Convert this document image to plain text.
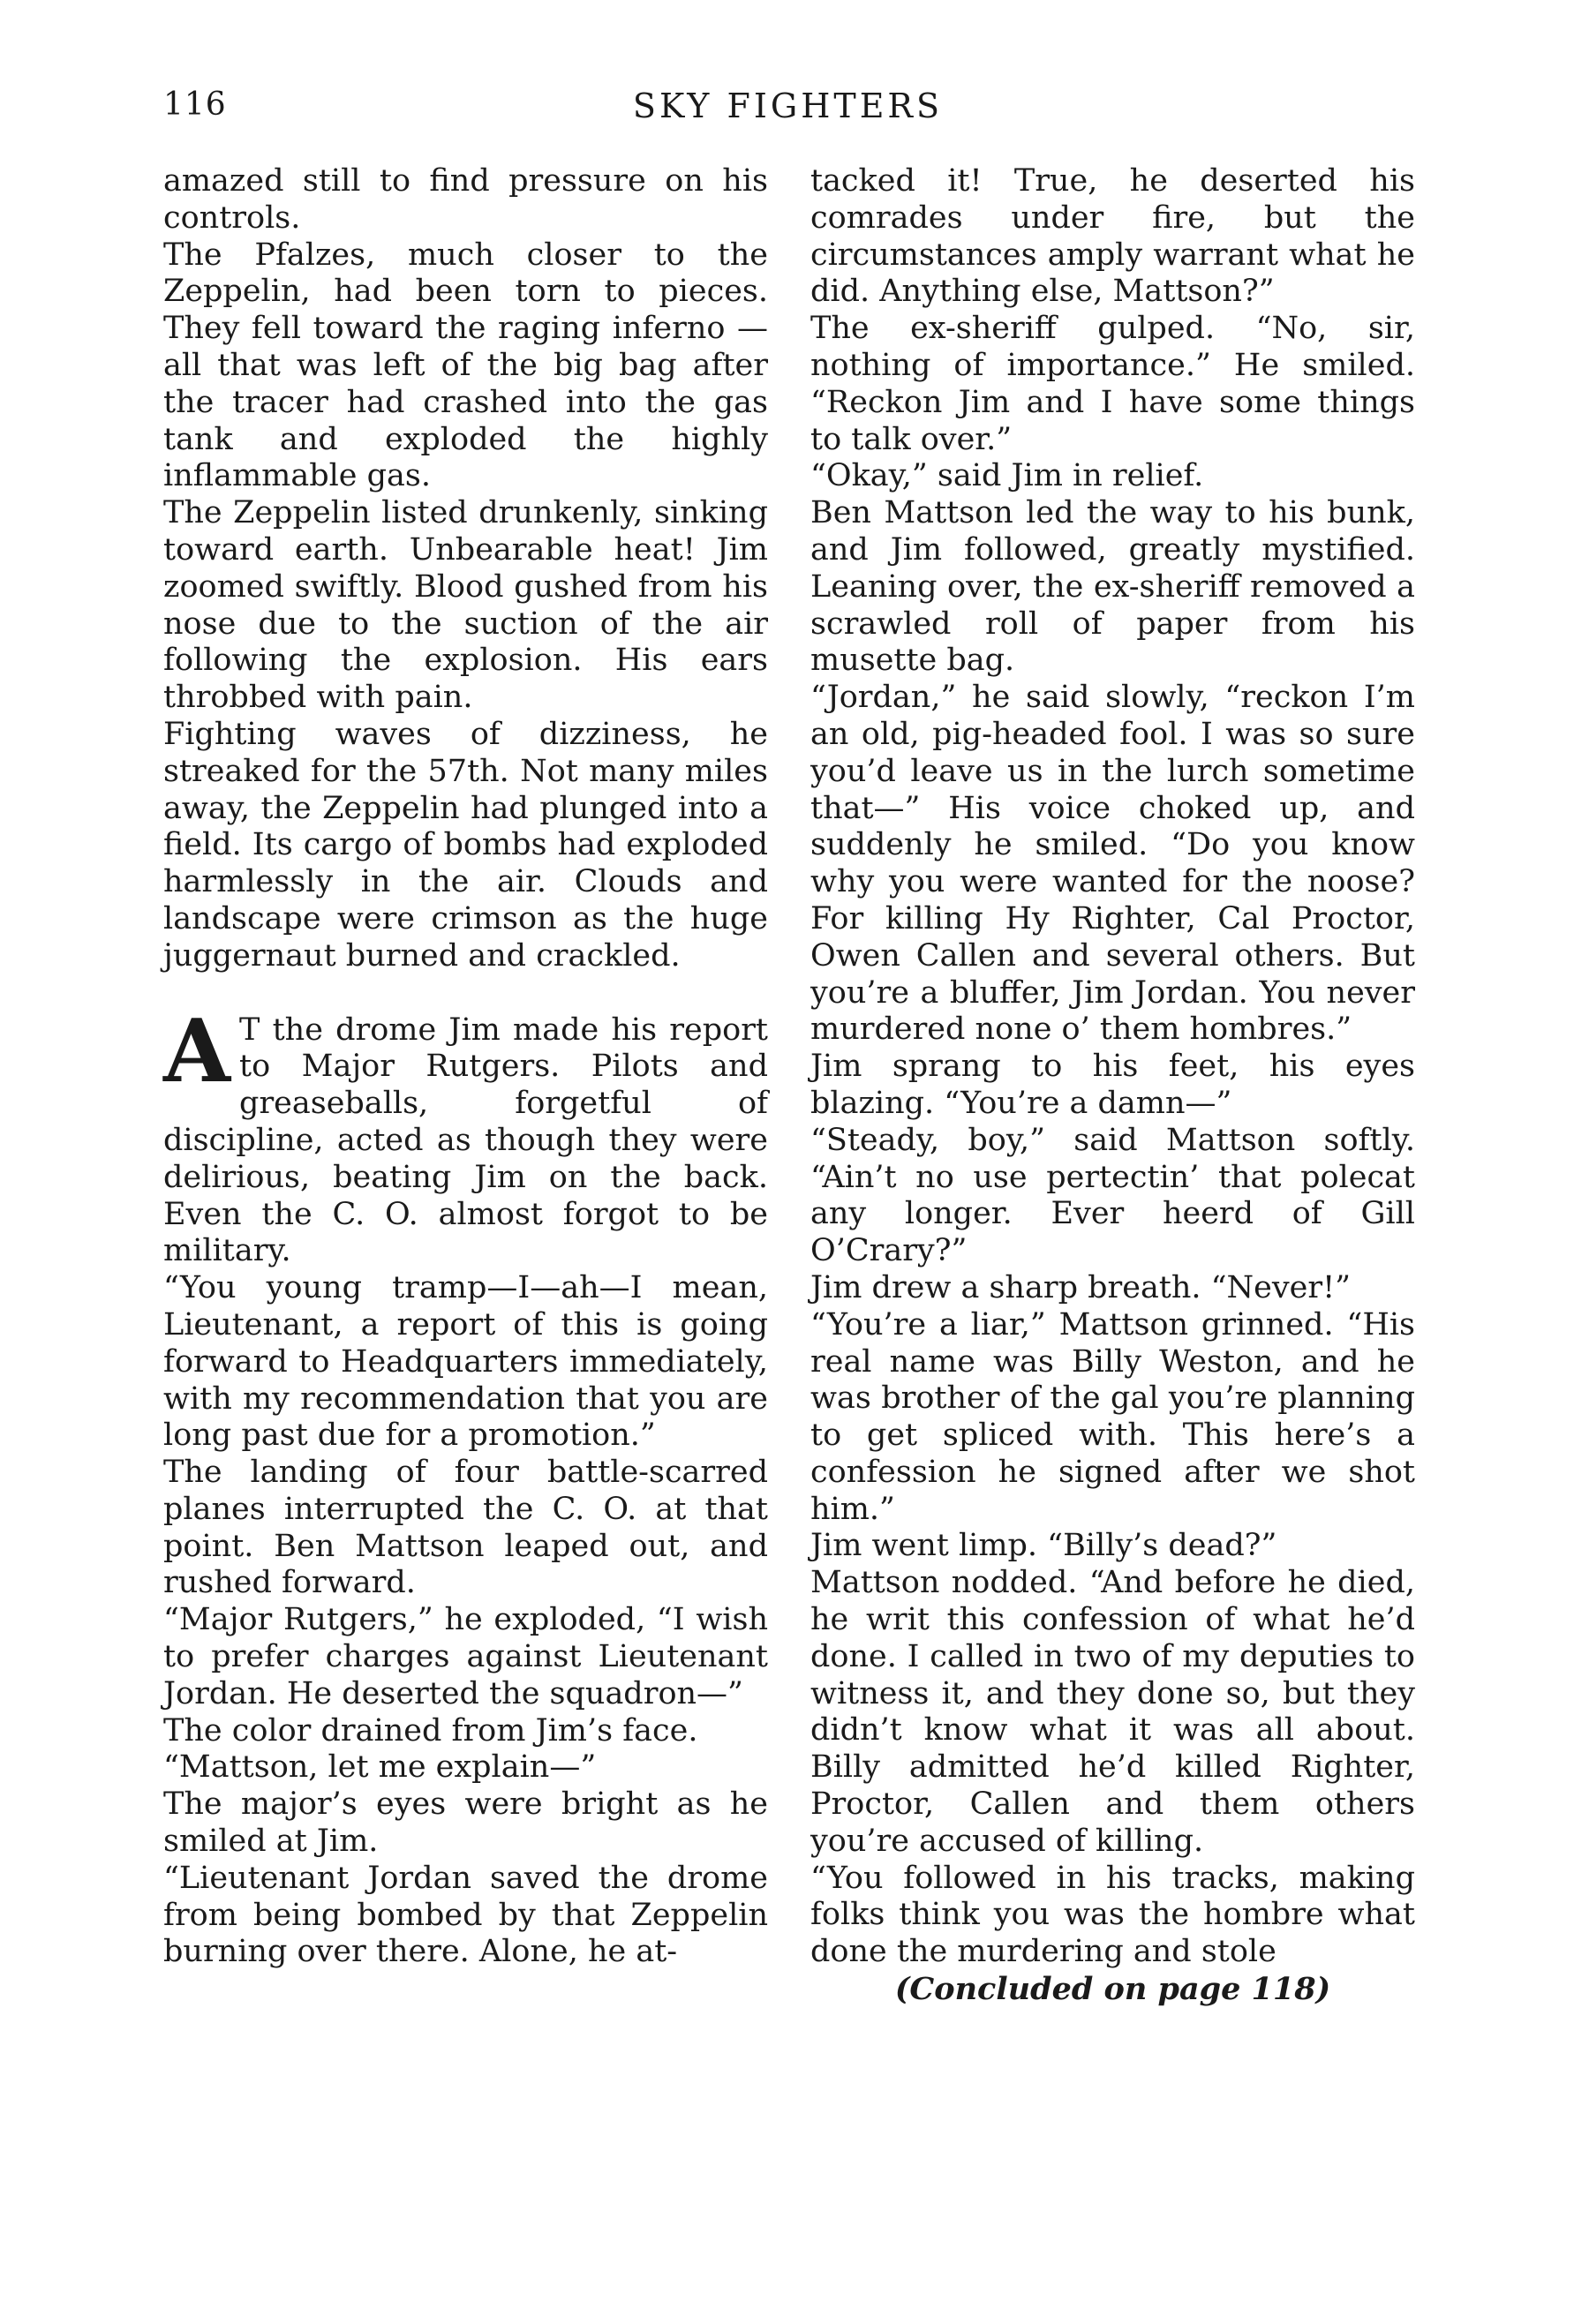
116	SKY FIGHTERS

amazed still to find pressure on his controls.

The Pfalzes, much closer to the Zeppelin, had been torn to pieces. They fell toward the raging inferno —all that was left of the big bag after the tracer had crashed into the gas tank and exploded the highly inflammable gas.

The Zeppelin listed drunkenly, sinking toward earth. Unbearable heat! Jim zoomed swiftly. Blood gushed from his nose due to the suction of the air following the explosion. His ears throbbed with pain.

Fighting waves of dizziness, he streaked for the 57th. Not many miles away, the Zeppelin had plunged into a field. Its cargo of bombs had exploded harmlessly in the air. Clouds and landscape were crimson as the huge juggernaut burned and crackled.

A T the drome Jim made his report to Major Rutgers. Pilots and greaseballs, forgetful of discipline, acted as though they were delirious, beating Jim on the back. Even the C. O. almost forgot to be military.

“You young tramp—I—ah—I mean, Lieutenant, a report of this is going forward to Headquarters immediately, with my recommendation that you are long past due for a promotion.”

The landing of four battle-scarred planes interrupted the C. O. at that point. Ben Mattson leaped out, and rushed forward.

“Major Rutgers,” he exploded, “I wish to prefer charges against Lieutenant Jordan. He deserted the squadron—”

The color drained from Jim’s face.

“Mattson, let me explain—”

The major’s eyes were bright as he smiled at Jim.

“Lieutenant Jordan saved the drome from being bombed by that Zeppelin burning over there. Alone, he at-

tacked it! True, he deserted his comrades under fire, but the circumstances amply warrant what he did. Anything else, Mattson?”

The ex-sheriff gulped. “No, sir, nothing of importance.” He smiled. “Reckon Jim and I have some things to talk over.”

“Okay,” said Jim in relief.

Ben Mattson led the way to his bunk, and Jim followed, greatly mystified. Leaning over, the ex-sheriff removed a scrawled roll of paper from his musette bag.

“Jordan,” he said slowly, “reckon I’m an old, pig-headed fool. I was so sure you’d leave us in the lurch sometime that—” His voice choked up, and suddenly he smiled. “Do you know why you were wanted for the noose? For killing Hy Righter, Cal Proctor, Owen Callen and several others. But you’re a bluffer, Jim Jordan. You never murdered none o’ them hombres.”

Jim sprang to his feet, his eyes blazing. “You’re a damn—”

“Steady, boy,” said Mattson softly. “Ain’t no use pertectin’ that polecat any longer. Ever heerd of Gill O’Crary?”

Jim drew a sharp breath. “Never!”

“You’re a liar,” Mattson grinned. “His real name was Billy Weston, and he was brother of the gal you’re planning to get spliced with. This here’s a confession he signed after we shot him.”

Jim went limp. “Billy’s dead?”

Mattson nodded. “And before he died, he writ this confession of what he’d done. I called in two of my deputies to witness it, and they done so, but they didn’t know what it was all about. Billy admitted he’d killed Righter, Proctor, Callen and them others you’re accused of killing.

“You followed in his tracks, making folks think you was the hombre what done the murdering and stole

(Concluded on page 118)
